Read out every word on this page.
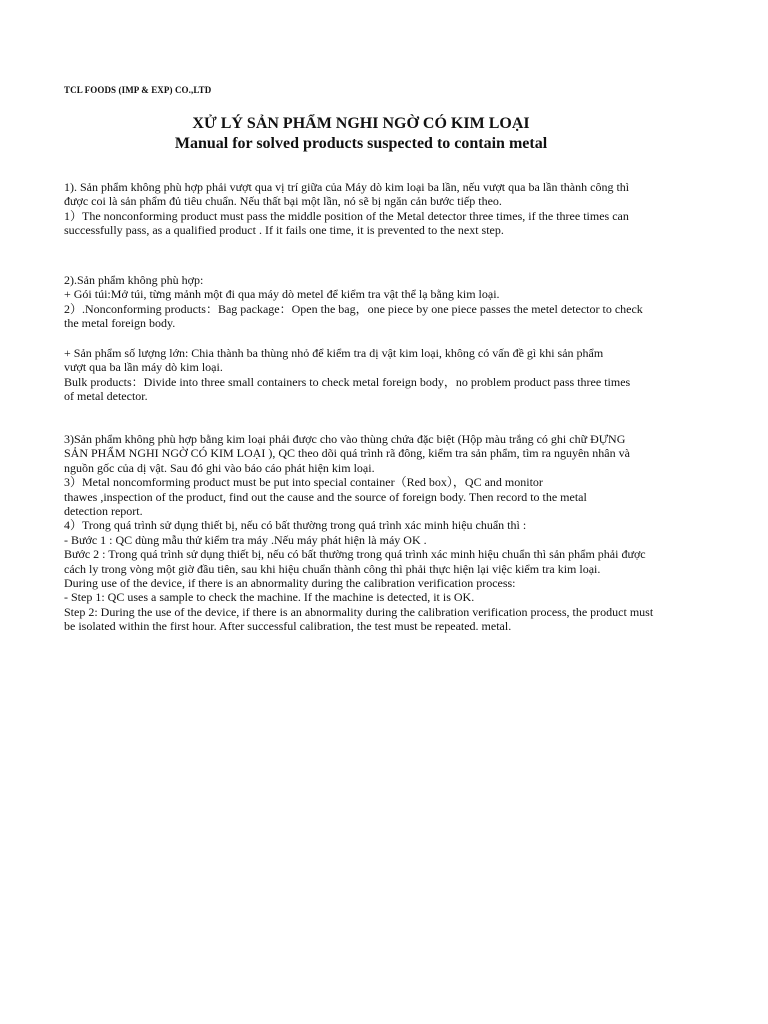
TCL FOODS (IMP & EXP) CO.,LTD
XỬ LÝ SẢN PHẨM NGHI NGỜ CÓ KIM LOẠI
Manual for solved products suspected to contain metal
1). Sản phẩm không phù hợp phải vượt qua vị trí giữa của Máy dò kim loại ba lần, nếu vượt qua ba lần thành công thì
được coi là sản phẩm đủ tiêu chuẩn. Nếu thất bại một lần, nó sẽ bị ngăn cản bước tiếp theo.
1）The nonconforming product must pass the middle position of the Metal detector three times, if the three times can
successfully pass, as a qualified product . If it fails one time, it is prevented to the next step.
2).Sản phẩm không phù hợp:
+ Gói túi:Mở túi, từng mảnh một đi qua máy dò metel để kiểm tra vật thể lạ bằng kim loại.
2）.Nonconforming products：Bag package：Open the bag，one piece by one piece passes the metel detector to check
the metal foreign body.
+ Sản phẩm số lượng lớn: Chia thành ba thùng nhỏ để kiểm tra dị vật kim loại, không có vấn đề gì khi sản phẩm
vượt qua ba lần máy dò kim loại.
Bulk products：Divide into three small containers to check metal foreign body，no problem product pass three times
of metal detector.
3)Sản phẩm không phù hợp bằng kim loại phải được cho vào thùng chứa đặc biệt (Hộp màu trắng có ghi chữ ĐỰNG
SẢN PHẨM NGHI NGỜ CÓ KIM LOẠI ), QC theo dõi quá trình rã đông, kiểm tra sản phẩm, tìm ra nguyên nhân và
nguồn gốc của dị vật. Sau đó ghi vào báo cáo phát hiện kim loại.
3）Metal noncomforming product must be put into special container（Red box），QC and monitor
thawes ,inspection of the product, find out the cause and the source of foreign body. Then record to the metal
detection report.
4）Trong quá trình sử dụng thiết bị, nếu có bất thường trong quá trình xác minh hiệu chuẩn thì :
- Bước 1 : QC dùng mẫu thử kiểm tra máy .Nếu máy phát hiện là máy OK .
Bước 2 : Trong quá trình sử dụng thiết bị, nếu có bất thường trong quá trình xác minh hiệu chuẩn thì sản phẩm phải được
cách ly trong vòng một giờ đầu tiên, sau khi hiệu chuẩn thành công thì phải thực hiện lại việc kiểm tra kim loại.
During use of the device, if there is an abnormality during the calibration verification process:
- Step 1: QC uses a sample to check the machine. If the machine is detected, it is OK.
Step 2: During the use of the device, if there is an abnormality during the calibration verification process, the product must
be isolated within the first hour. After successful calibration, the test must be repeated. metal.
